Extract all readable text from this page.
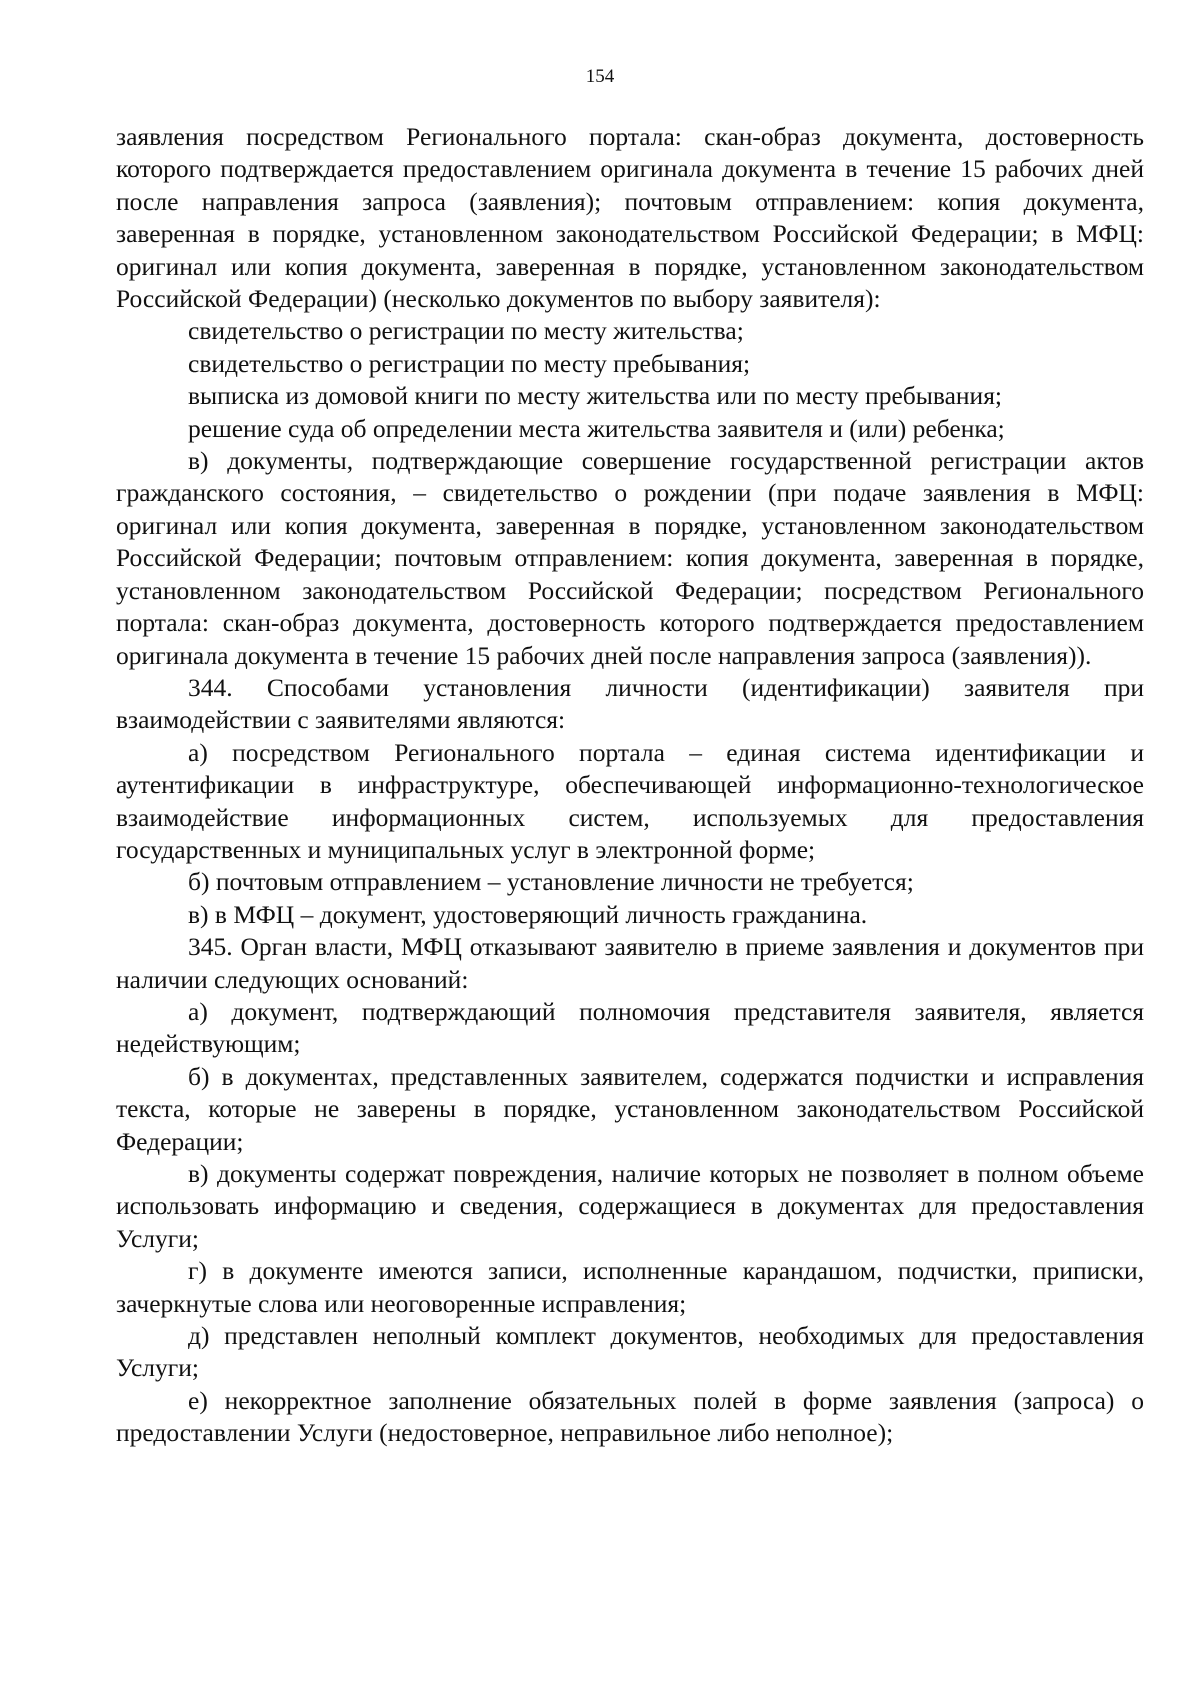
154

заявления посредством Регионального портала: скан-образ документа, достоверность которого подтверждается предоставлением оригинала документа в течение 15 рабочих дней после направления запроса (заявления); почтовым отправлением: копия документа, заверенная в порядке, установленном законодательством Российской Федерации; в МФЦ: оригинал или копия документа, заверенная в порядке, установленном законодательством Российской Федерации) (несколько документов по выбору заявителя):

свидетельство о регистрации по месту жительства;

свидетельство о регистрации по месту пребывания;

выписка из домовой книги по месту жительства или по месту пребывания;

решение суда об определении места жительства заявителя и (или) ребенка;

в) документы, подтверждающие совершение государственной регистрации актов гражданского состояния, – свидетельство о рождении (при подаче заявления в МФЦ: оригинал или копия документа, заверенная в порядке, установленном законодательством Российской Федерации; почтовым отправлением: копия документа, заверенная в порядке, установленном законодательством Российской Федерации; посредством Регионального портала: скан-образ документа, достоверность которого подтверждается предоставлением оригинала документа в течение 15 рабочих дней после направления запроса (заявления)).

344. Способами установления личности (идентификации) заявителя при взаимодействии с заявителями являются:

а) посредством Регионального портала – единая система идентификации и аутентификации в инфраструктуре, обеспечивающей информационно-технологическое взаимодействие информационных систем, используемых для предоставления государственных и муниципальных услуг в электронной форме;

б) почтовым отправлением – установление личности не требуется;

в) в МФЦ – документ, удостоверяющий личность гражданина.

345. Орган власти, МФЦ отказывают заявителю в приеме заявления и документов при наличии следующих оснований:

а) документ, подтверждающий полномочия представителя заявителя, является недействующим;

б) в документах, представленных заявителем, содержатся подчистки и исправления текста, которые не заверены в порядке, установленном законодательством Российской Федерации;

в) документы содержат повреждения, наличие которых не позволяет в полном объеме использовать информацию и сведения, содержащиеся в документах для предоставления Услуги;

г) в документе имеются записи, исполненные карандашом, подчистки, приписки, зачеркнутые слова или неоговоренные исправления;

д) представлен неполный комплект документов, необходимых для предоставления Услуги;

е) некорректное заполнение обязательных полей в форме заявления (запроса) о предоставлении Услуги (недостоверное, неправильное либо неполное);
